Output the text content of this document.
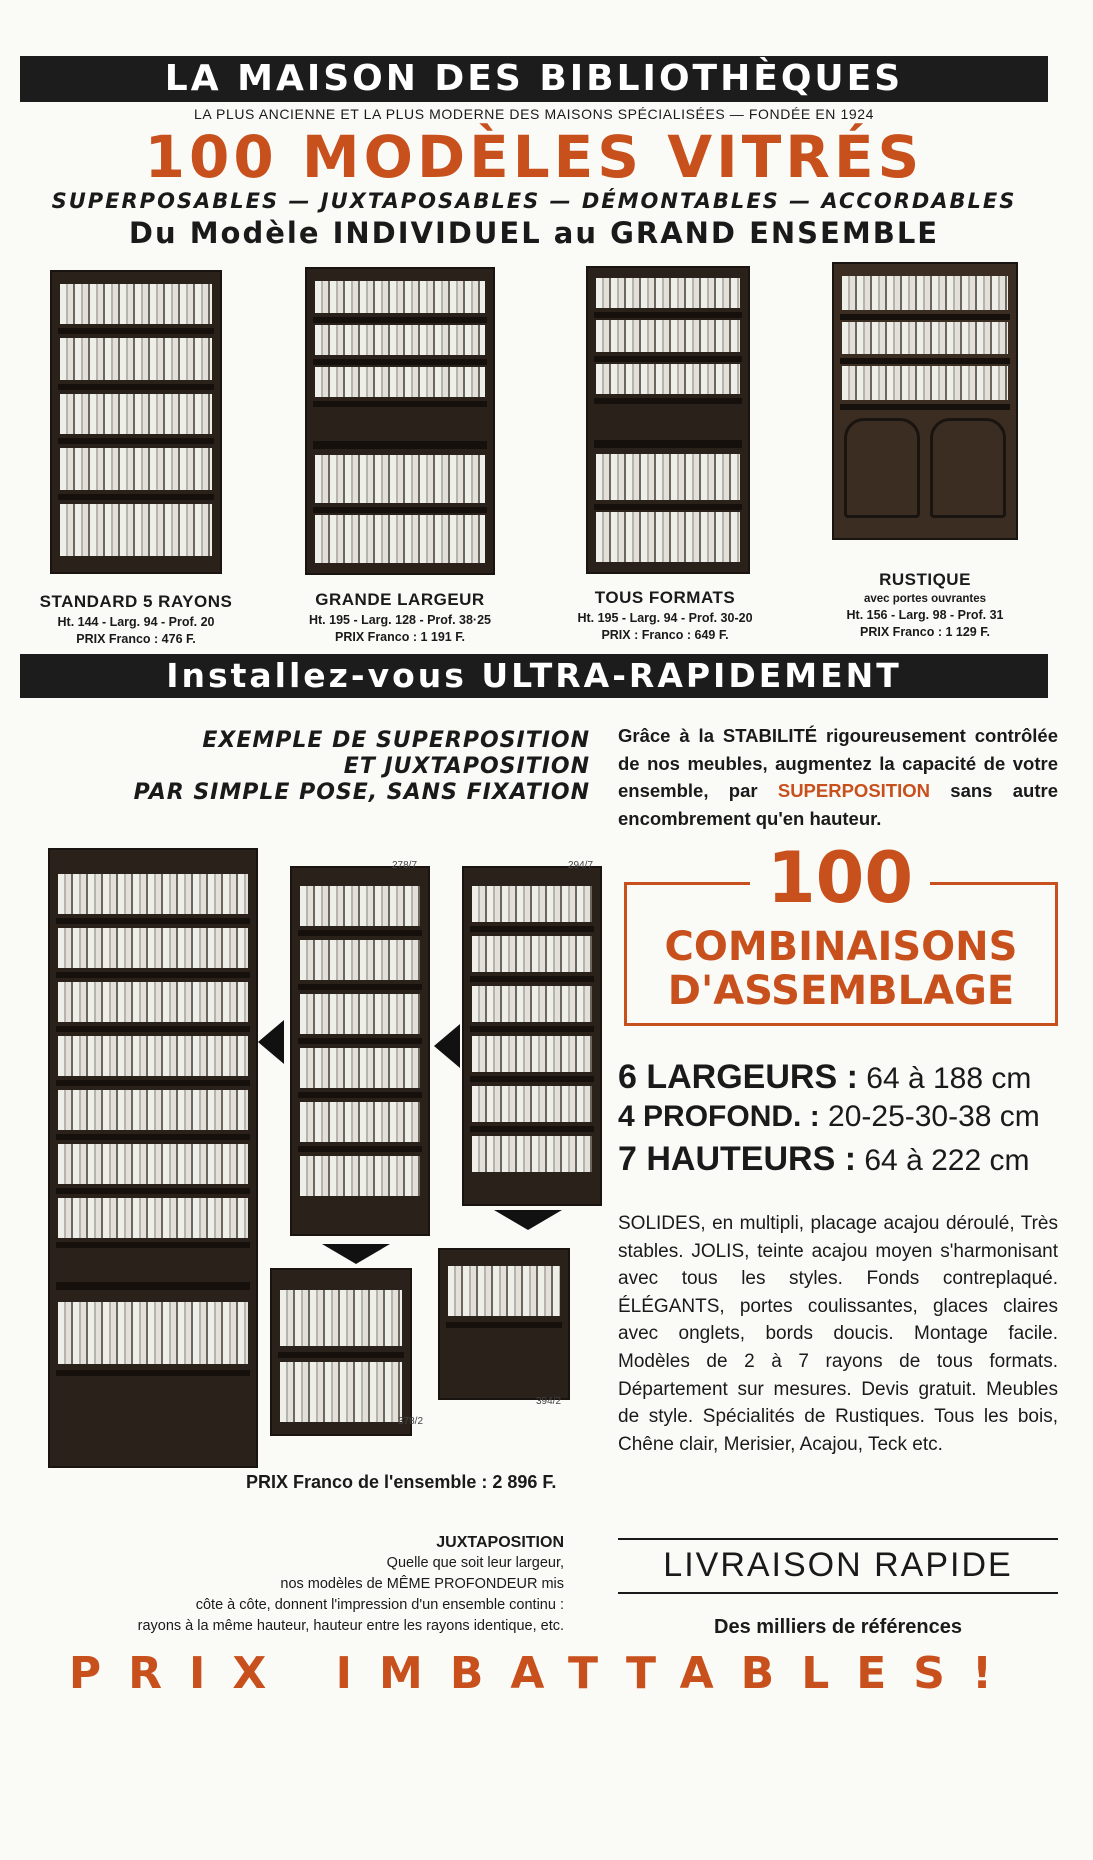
LA MAISON DES BIBLIOTHÈQUES
LA PLUS ANCIENNE ET LA PLUS MODERNE DES MAISONS SPÉCIALISÉES — FONDÉE EN 1924
100 MODÈLES VITRÉS
SUPERPOSABLES — JUXTAPOSABLES — DÉMONTABLES — ACCORDABLES
Du Modèle INDIVIDUEL au GRAND ENSEMBLE
STANDARD 5 RAYONS
Ht. 144 - Larg. 94 - Prof. 20
PRIX Franco : 476 F.
GRANDE LARGEUR
Ht. 195 - Larg. 128 - Prof. 38·25
PRIX Franco : 1 191 F.
TOUS FORMATS
Ht. 195 - Larg. 94 - Prof. 30-20
PRIX : Franco : 649 F.
RUSTIQUE
avec portes ouvrantes
Ht. 156 - Larg. 98 - Prof. 31
PRIX Franco : 1 129 F.
Installez-vous ULTRA-RAPIDEMENT
EXEMPLE DE SUPERPOSITION
ET JUXTAPOSITION
PAR SIMPLE POSE, SANS FIXATION
Grâce à la STABILITÉ rigoureusement contrôlée de nos meubles, augmentez la capacité de votre ensemble, par SUPERPOSITION sans autre encombrement qu'en hauteur.
100
COMBINAISONS
D'ASSEMBLAGE
6 LARGEURS : 64 à 188 cm
4 PROFOND. : 20-25-30-38 cm
7 HAUTEURS : 64 à 222 cm
SOLIDES, en multipli, placage acajou déroulé, Très stables. JOLIS, teinte acajou moyen s'harmonisant avec tous les styles. Fonds contreplaqué. ÉLÉGANTS, portes coulissantes, glaces claires avec onglets, bords doucis. Montage facile. Modèles de 2 à 7 rayons de tous formats. Département sur mesures. Devis gratuit. Meubles de style. Spécialités de Rustiques. Tous les bois, Chêne clair, Merisier, Acajou, Teck etc.
278/7	294/7
378/2
394/2
PRIX Franco de l'ensemble : 2 896 F.
JUXTAPOSITION
Quelle que soit leur largeur,
nos modèles de MÊME PROFONDEUR mis
côte à côte, donnent l'impression d'un ensemble continu :
rayons à la même hauteur, hauteur entre les rayons identique, etc.
LIVRAISON RAPIDE
Des milliers de références
PRIX IMBATTABLES!
